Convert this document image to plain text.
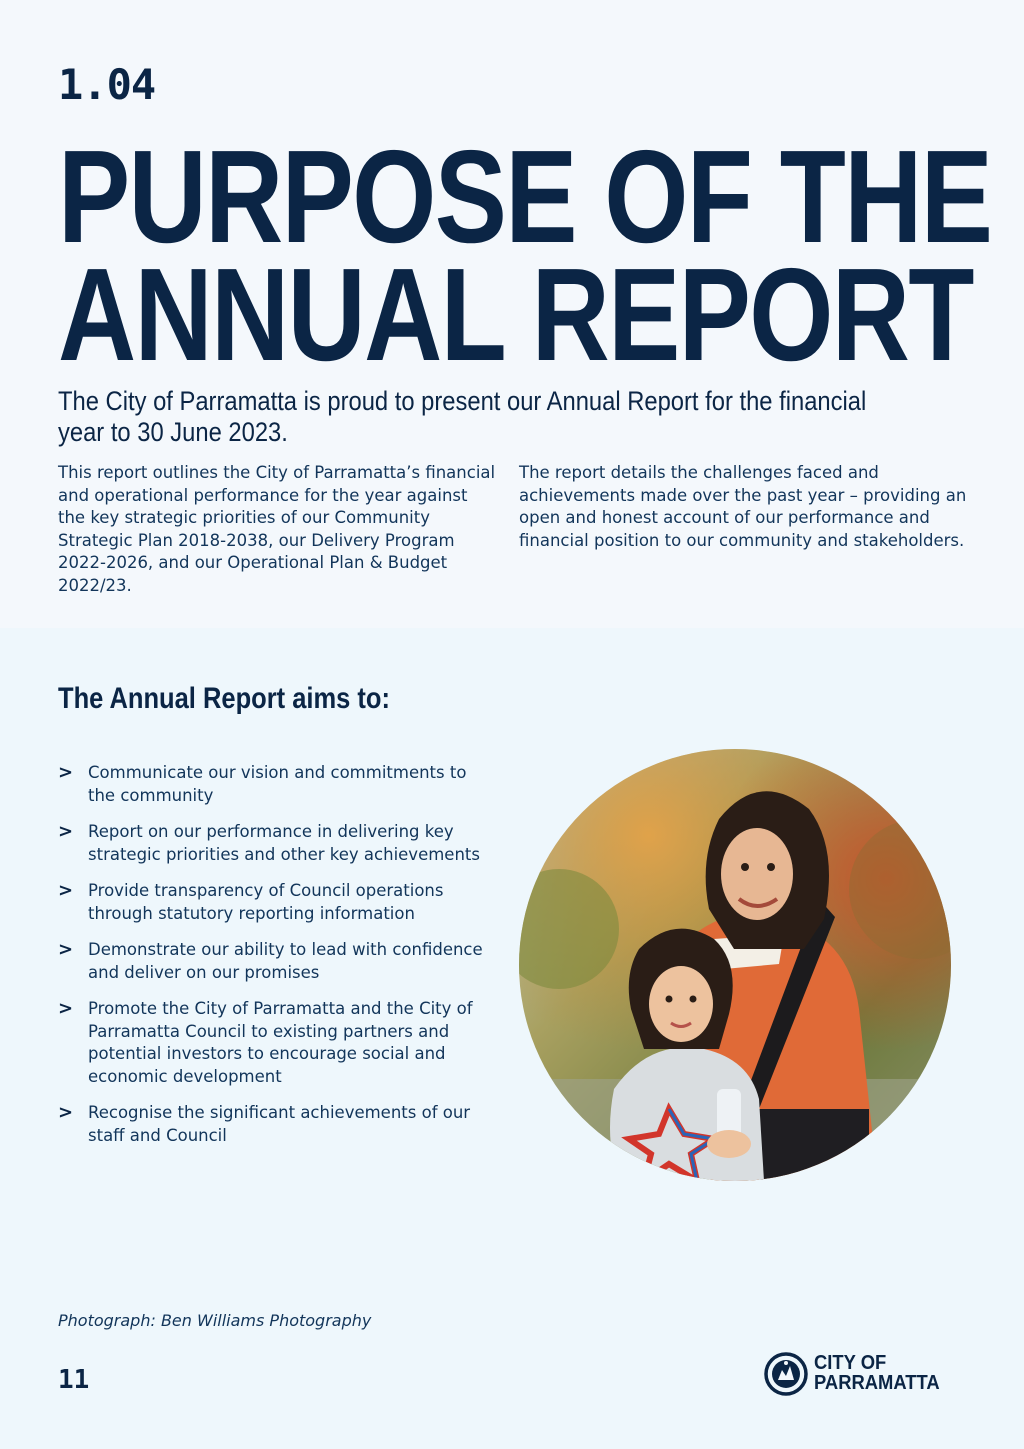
1.04
PURPOSE OF THE
ANNUAL REPORT

The City of Parramatta is proud to present our Annual Report for the financial year to 30 June 2023.

This report outlines the City of Parramatta’s financial and operational performance for the year against the key strategic priorities of our Community Strategic Plan 2018-2038, our Delivery Program 2022-2026, and our Operational Plan & Budget 2022/23.

The report details the challenges faced and achievements made over the past year – providing an open and honest account of our performance and financial position to our community and stakeholders.

The Annual Report aims to:
> Communicate our vision and commitments to the community
> Report on our performance in delivering key strategic priorities and other key achievements
> Provide transparency of Council operations through statutory reporting information
> Demonstrate our ability to lead with confidence and deliver on our promises
> Promote the City of Parramatta and the City of Parramatta Council to existing partners and potential investors to encourage social and economic development
> Recognise the significant achievements of our staff and Council
Photograph: Ben Williams Photography
11
CITY OF
PARRAMATTA
